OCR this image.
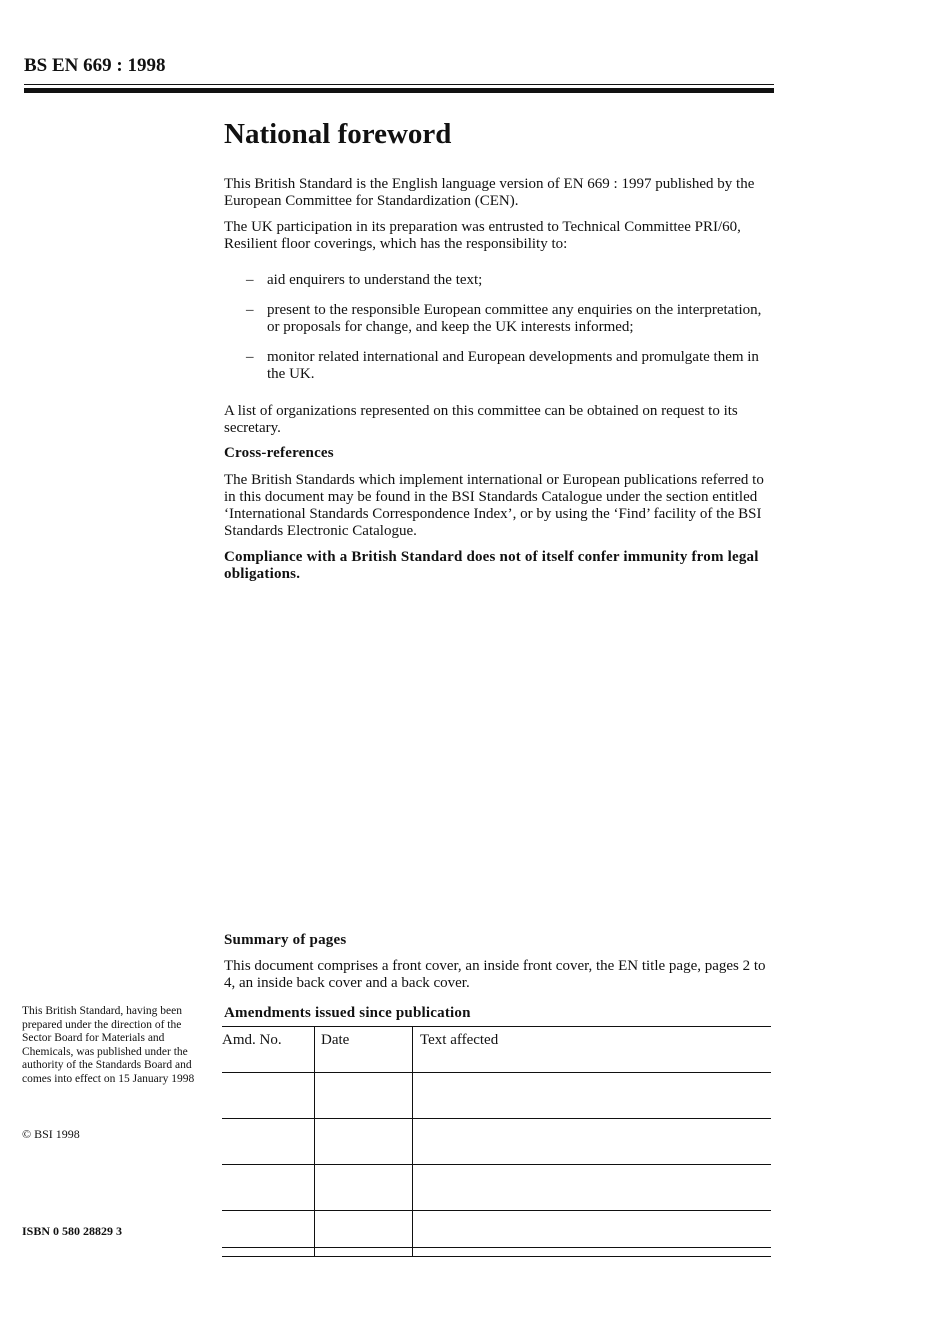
BS EN 669 : 1998
National foreword

This British Standard is the English language version of EN 669 : 1997 published by the European Committee for Standardization (CEN).

The UK participation in its preparation was entrusted to Technical Committee PRI/60, Resilient floor coverings, which has the responsibility to:

– aid enquirers to understand the text;
– present to the responsible European committee any enquiries on the interpretation, or proposals for change, and keep the UK interests informed;
– monitor related international and European developments and promulgate them in the UK.

A list of organizations represented on this committee can be obtained on request to its secretary.

Cross-references

The British Standards which implement international or European publications referred to in this document may be found in the BSI Standards Catalogue under the section entitled ‘International Standards Correspondence Index’, or by using the ‘Find’ facility of the BSI Standards Electronic Catalogue.

Compliance with a British Standard does not of itself confer immunity from legal obligations.

Summary of pages

This document comprises a front cover, an inside front cover, the EN title page, pages 2 to 4, an inside back cover and a back cover.

Amendments issued since publication
Amd. No.	Date	Text affected

This British Standard, having been prepared under the direction of the Sector Board for Materials and Chemicals, was published under the authority of the Standards Board and comes into effect on 15 January 1998
© BSI 1998
ISBN 0 580 28829 3
